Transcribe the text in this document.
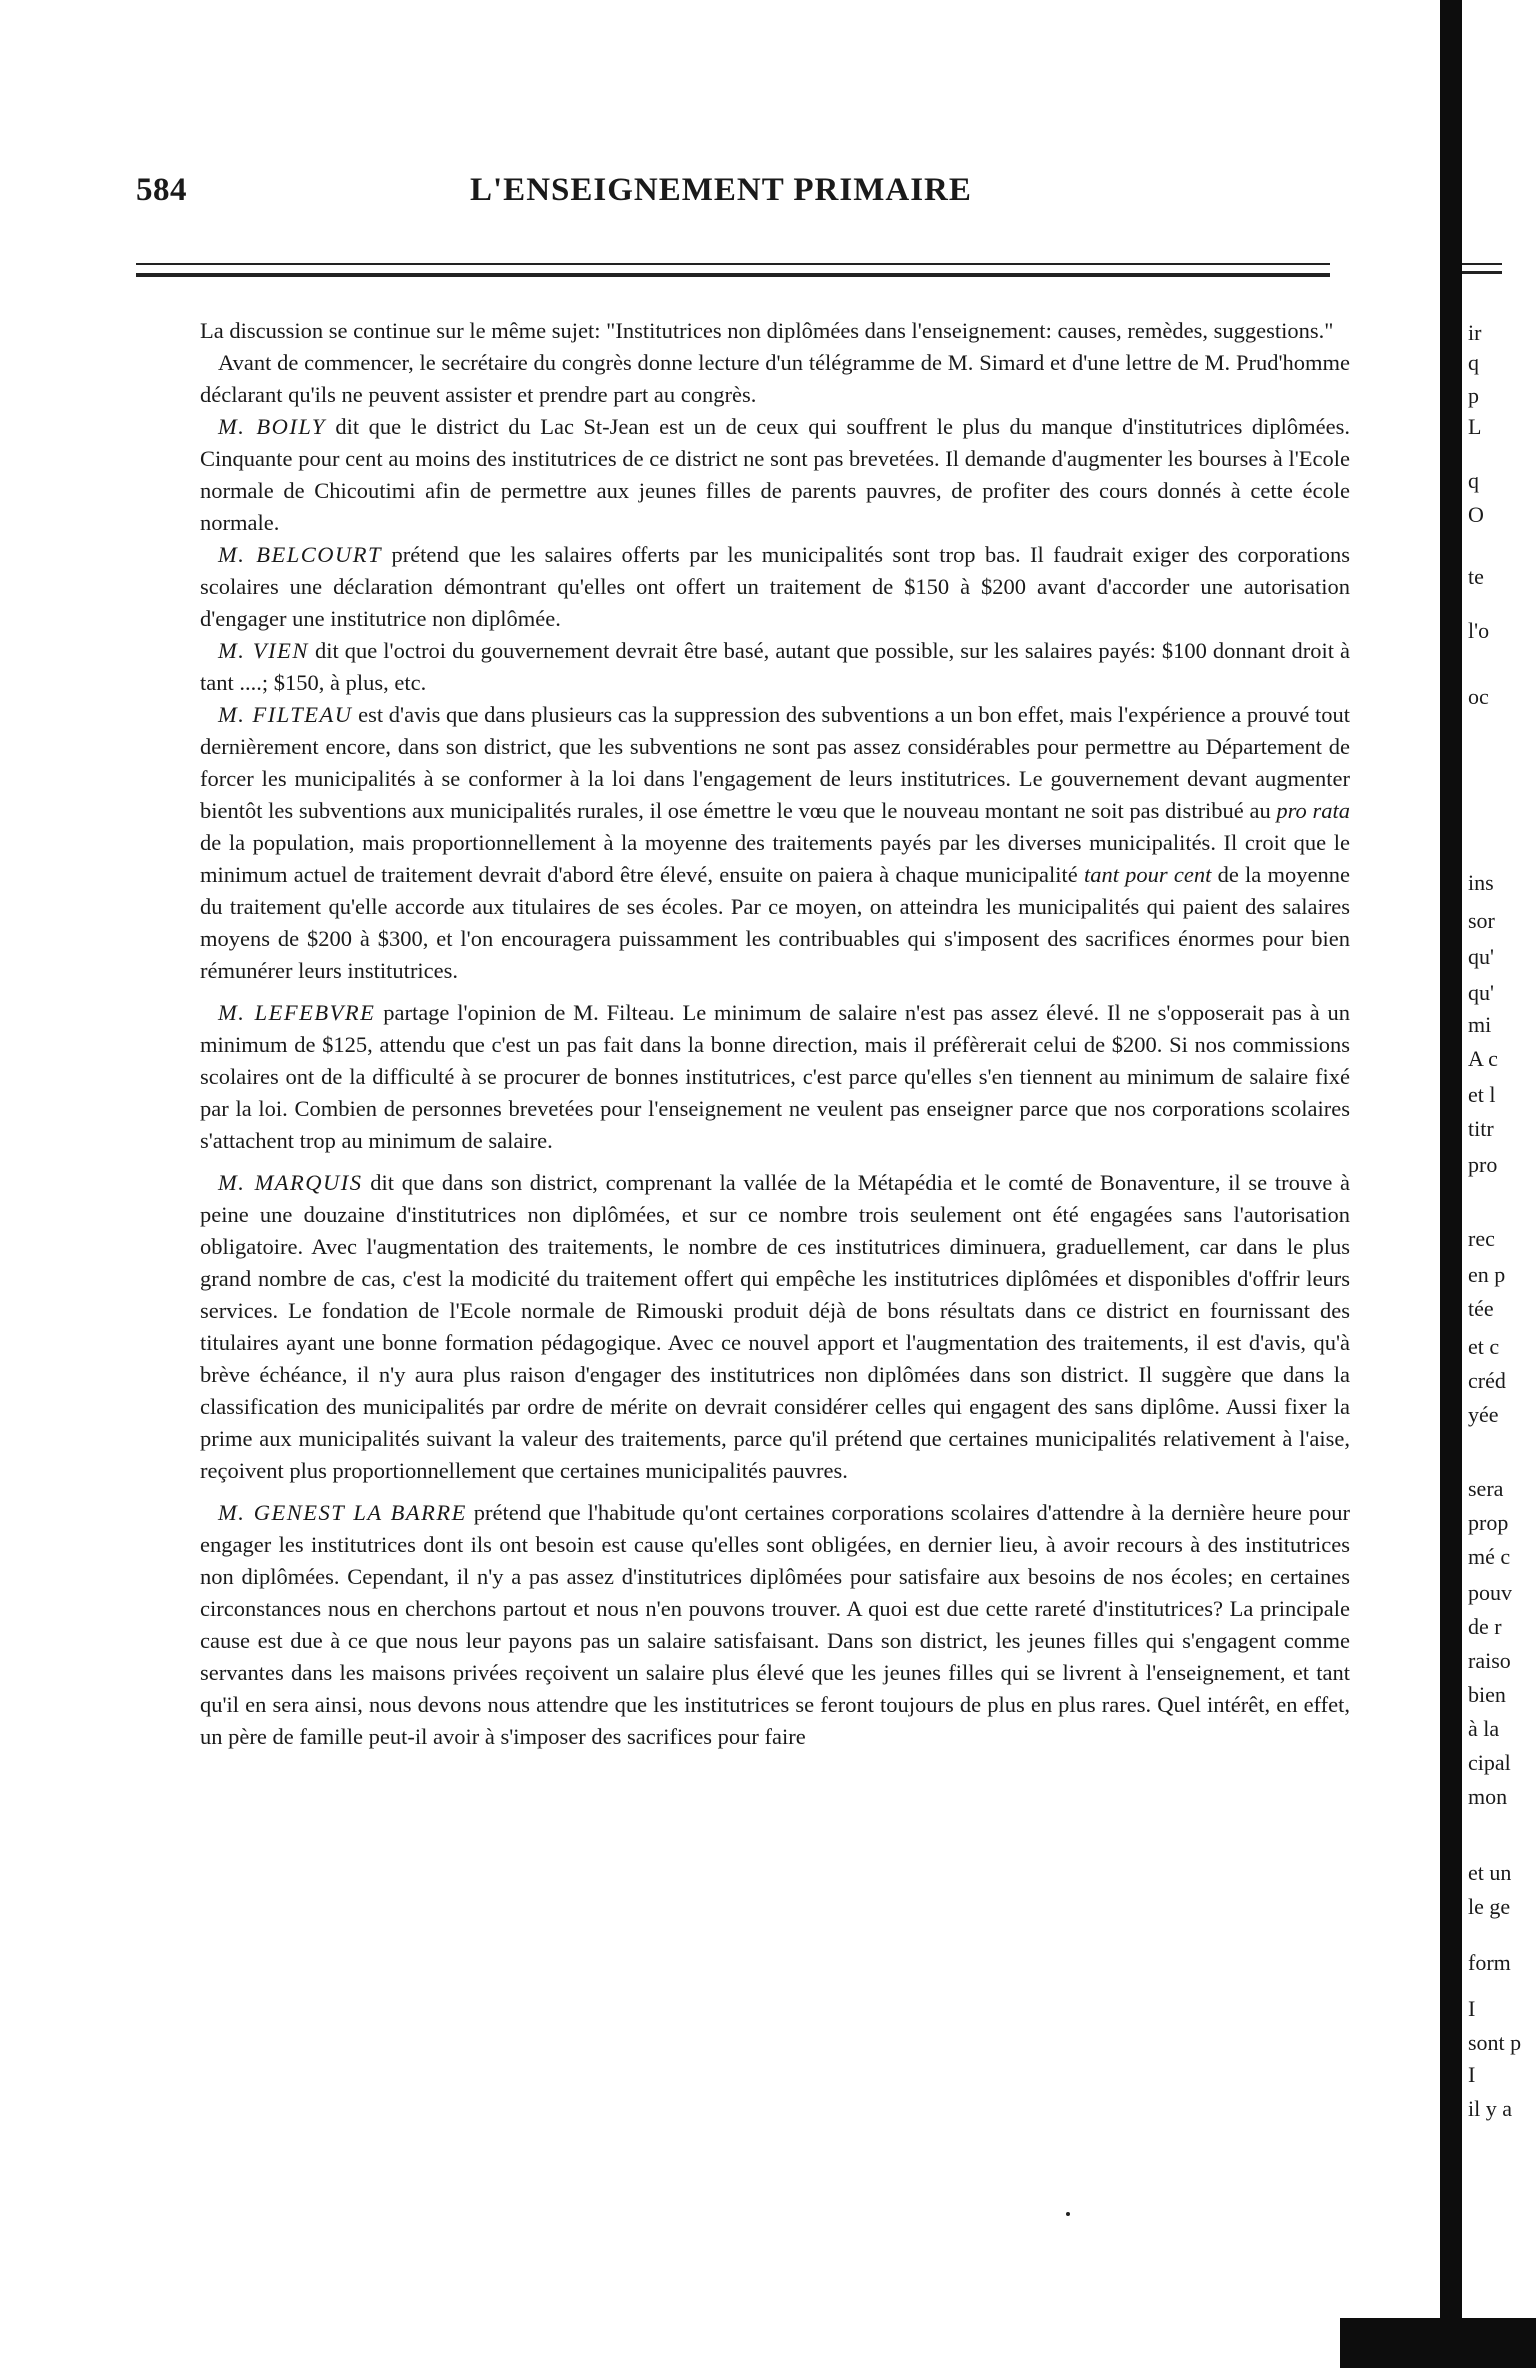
584	L'ENSEIGNEMENT PRIMAIRE

La discussion se continue sur le même sujet: "Institutrices non diplômées dans l'enseignement: causes, remèdes, suggestions."

Avant de commencer, le secrétaire du congrès donne lecture d'un télégramme de M. Simard et d'une lettre de M. Prud'homme déclarant qu'ils ne peuvent assister et prendre part au congrès.

M. BOILY dit que le district du Lac St-Jean est un de ceux qui souffrent le plus du manque d'institutrices diplômées. Cinquante pour cent au moins des institutrices de ce district ne sont pas brevetées. Il demande d'augmenter les bourses à l'Ecole normale de Chicoutimi afin de permettre aux jeunes filles de parents pauvres, de profiter des cours donnés à cette école normale.

M. BELCOURT prétend que les salaires offerts par les municipalités sont trop bas. Il faudrait exiger des corporations scolaires une déclaration démontrant qu'elles ont offert un traitement de $150 à $200 avant d'accorder une autorisation d'engager une institutrice non diplômée.

M. VIEN dit que l'octroi du gouvernement devrait être basé, autant que possible, sur les salaires payés: $100 donnant droit à tant ....; $150, à plus, etc.

M. FILTEAU est d'avis que dans plusieurs cas la suppression des subventions a un bon effet, mais l'expérience a prouvé tout dernièrement encore, dans son district, que les subventions ne sont pas assez considérables pour permettre au Département de forcer les municipalités à se conformer à la loi dans l'engagement de leurs institutrices. Le gouvernement devant augmenter bientôt les subventions aux municipalités rurales, il ose émettre le vœu que le nouveau montant ne soit pas distribué au pro rata de la population, mais proportionnellement à la moyenne des traitements payés par les diverses municipalités. Il croit que le minimum actuel de traitement devrait d'abord être élevé, ensuite on paiera à chaque municipalité tant pour cent de la moyenne du traitement qu'elle accorde aux titulaires de ses écoles. Par ce moyen, on atteindra les municipalités qui paient des salaires moyens de $200 à $300, et l'on encouragera puissamment les contribuables qui s'imposent des sacrifices énormes pour bien rémunérer leurs institutrices.

M. LEFEBVRE partage l'opinion de M. Filteau. Le minimum de salaire n'est pas assez élevé. Il ne s'opposerait pas à un minimum de $125, attendu que c'est un pas fait dans la bonne direction, mais il préfèrerait celui de $200. Si nos commissions scolaires ont de la difficulté à se procurer de bonnes institutrices, c'est parce qu'elles s'en tiennent au minimum de salaire fixé par la loi. Combien de personnes brevetées pour l'enseignement ne veulent pas enseigner parce que nos corporations scolaires s'attachent trop au minimum de salaire.

M. MARQUIS dit que dans son district, comprenant la vallée de la Métapédia et le comté de Bonaventure, il se trouve à peine une douzaine d'institutrices non diplômées, et sur ce nombre trois seulement ont été engagées sans l'autorisation obligatoire. Avec l'augmentation des traitements, le nombre de ces institutrices diminuera, graduellement, car dans le plus grand nombre de cas, c'est la modicité du traitement offert qui empêche les institutrices diplômées et disponibles d'offrir leurs services. Le fondation de l'Ecole normale de Rimouski produit déjà de bons résultats dans ce district en fournissant des titulaires ayant une bonne formation pédagogique. Avec ce nouvel apport et l'augmentation des traitements, il est d'avis, qu'à brève échéance, il n'y aura plus raison d'engager des institutrices non diplômées dans son district. Il suggère que dans la classification des municipalités par ordre de mérite on devrait considérer celles qui engagent des sans diplôme. Aussi fixer la prime aux municipalités suivant la valeur des traitements, parce qu'il prétend que certaines municipalités relativement à l'aise, reçoivent plus proportionnellement que certaines municipalités pauvres.

M. GENEST LA BARRE prétend que l'habitude qu'ont certaines corporations scolaires d'attendre à la dernière heure pour engager les institutrices dont ils ont besoin est cause qu'elles sont obligées, en dernier lieu, à avoir recours à des institutrices non diplômées. Cependant, il n'y a pas assez d'institutrices diplômées pour satisfaire aux besoins de nos écoles; en certaines circonstances nous en cherchons partout et nous n'en pouvons trouver. A quoi est due cette rareté d'institutrices? La principale cause est due à ce que nous leur payons pas un salaire satisfaisant. Dans son district, les jeunes filles qui s'engagent comme servantes dans les maisons privées reçoivent un salaire plus élevé que les jeunes filles qui se livrent à l'enseignement, et tant qu'il en sera ainsi, nous devons nous attendre que les institutrices se feront toujours de plus en plus rares. Quel intérêt, en effet, un père de famille peut-il avoir à s'imposer des sacrifices pour faire

ir
q
p
L
q
O
te
l'o
oc
ins
sor
qu'
qu'
mi
A c
et l
titr
pro
rec
en p
tée
et c
créd
yée
sera
prop
mé c
pouv
de r
raiso
bien
à la
cipal
mon
et un
le ge
form
I
sont p
I
il y a
